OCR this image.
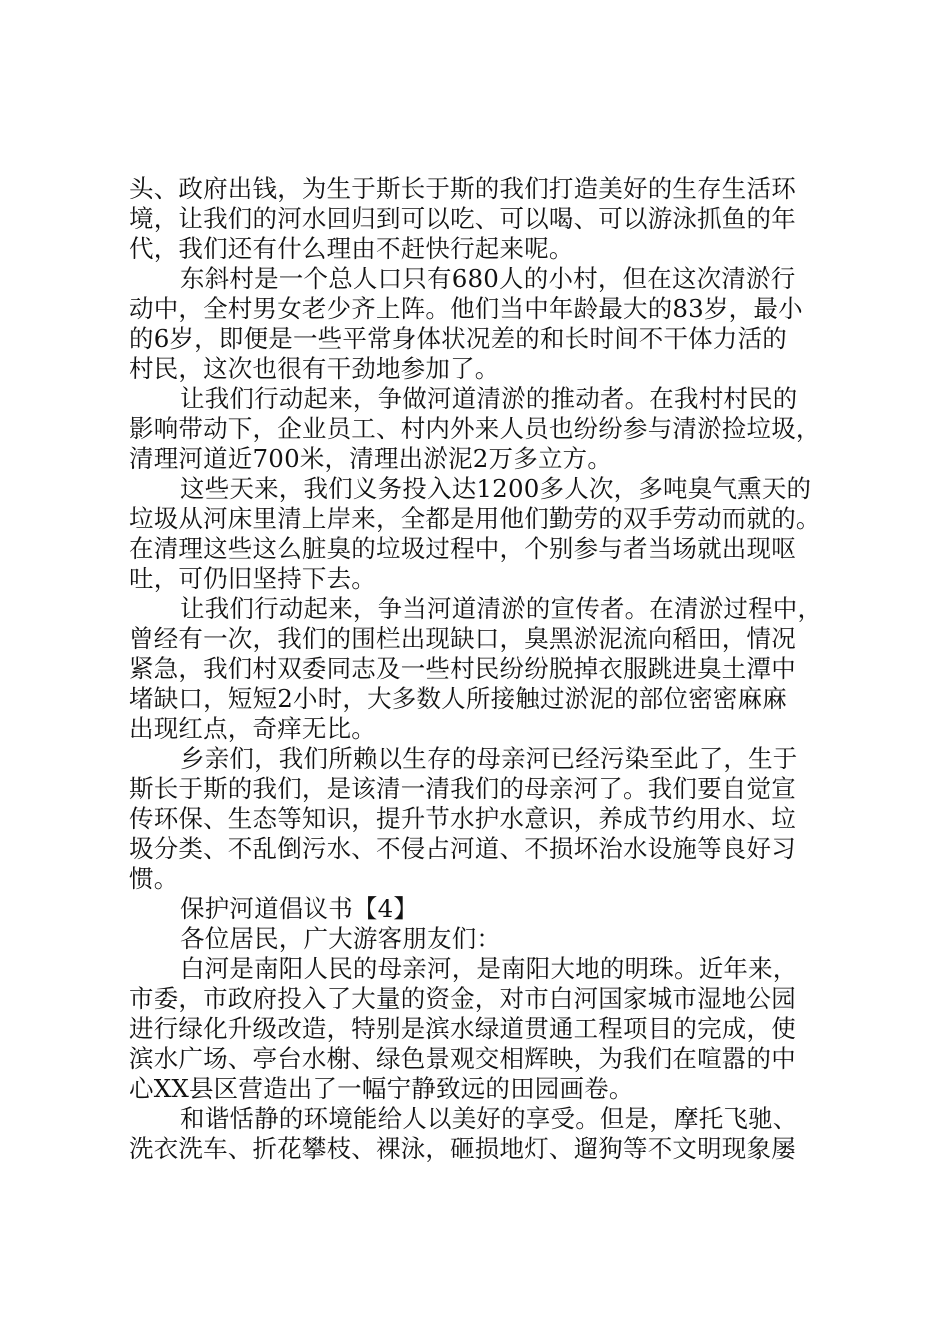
头、政府出钱，为生于斯长于斯的我们打造美好的生存生活环
境，让我们的河水回归到可以吃、可以喝、可以游泳抓鱼的年
代，我们还有什么理由不赶快行起来呢。
东斜村是一个总人口只有680人的小村，但在这次清淤行
动中，全村男女老少齐上阵。他们当中年龄最大的83岁，最小
的6岁，即便是一些平常身体状况差的和长时间不干体力活的
村民，这次也很有干劲地参加了。
让我们行动起来，争做河道清淤的推动者。在我村村民的
影响带动下，企业员工、村内外来人员也纷纷参与清淤捡垃圾，
清理河道近700米，清理出淤泥2万多立方。
这些天来，我们义务投入达1200多人次，多吨臭气熏天的
垃圾从河床里清上岸来，全都是用他们勤劳的双手劳动而就的。
在清理这些这么脏臭的垃圾过程中，个别参与者当场就出现呕
吐，可仍旧坚持下去。
让我们行动起来，争当河道清淤的宣传者。在清淤过程中，
曾经有一次，我们的围栏出现缺口，臭黑淤泥流向稻田，情况
紧急，我们村双委同志及一些村民纷纷脱掉衣服跳进臭土潭中
堵缺口，短短2小时，大多数人所接触过淤泥的部位密密麻麻
出现红点，奇痒无比。
乡亲们，我们所赖以生存的母亲河已经污染至此了，生于
斯长于斯的我们，是该清一清我们的母亲河了。我们要自觉宣
传环保、生态等知识，提升节水护水意识，养成节约用水、垃
圾分类、不乱倒污水、不侵占河道、不损坏治水设施等良好习
惯。
保护河道倡议书【4】
各位居民，广大游客朋友们：
白河是南阳人民的母亲河，是南阳大地的明珠。近年来，
市委，市政府投入了大量的资金，对市白河国家城市湿地公园
进行绿化升级改造，特别是滨水绿道贯通工程项目的完成，使
滨水广场、亭台水榭、绿色景观交相辉映，为我们在喧嚣的中
心XX县区营造出了一幅宁静致远的田园画卷。
和谐恬静的环境能给人以美好的享受。但是，摩托飞驰、
洗衣洗车、折花攀枝、裸泳，砸损地灯、遛狗等不文明现象屡
